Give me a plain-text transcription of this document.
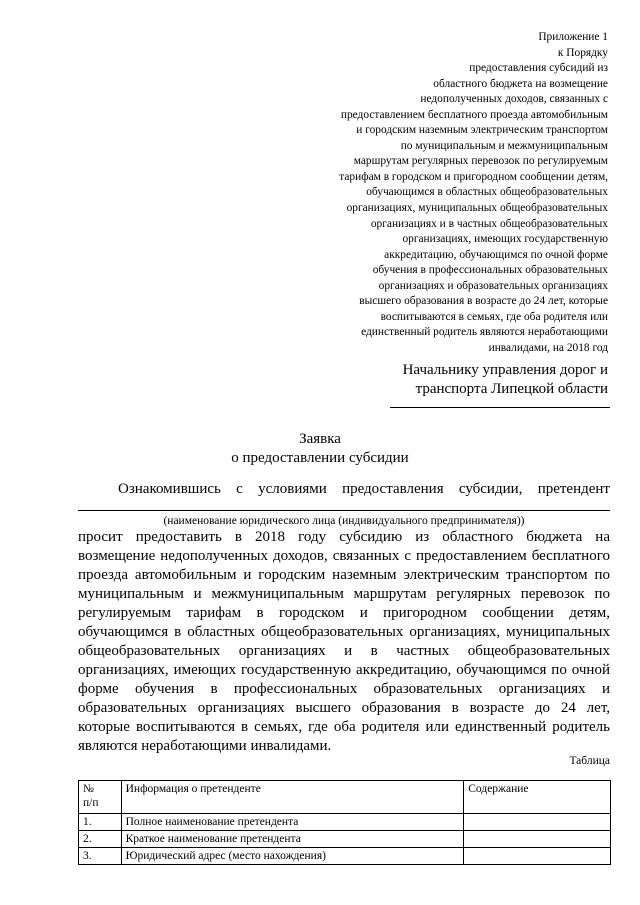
Приложение 1
к Порядку
предоставления субсидий из
областного бюджета на возмещение
недополученных доходов, связанных с
предоставлением бесплатного проезда автомобильным
и городским наземным электрическим транспортом
по муниципальным и межмуниципальным
маршрутам регулярных перевозок по регулируемым
тарифам в городском и пригородном сообщении детям,
обучающимся в областных общеобразовательных
организациях, муниципальных общеобразовательных
организациях и в частных общеобразовательных
организациях, имеющих государственную
аккредитацию, обучающимся по очной форме
обучения в профессиональных образовательных
организациях и образовательных организациях
высшего образования в возрасте до 24 лет, которые
воспитываются в семьях, где оба родителя или
единственный родитель являются неработающими
инвалидами, на 2018 год
Начальнику управления дорог и
транспорта Липецкой области
Заявка
о предоставлении субсидии
Ознакомившись с условиями предоставления субсидии, претендент
(наименование юридического лица (индивидуального предпринимателя))
просит предоставить в 2018 году субсидию из областного бюджета на
возмещение недополученных доходов, связанных с предоставлением бесплатного
проезда автомобильным и городским наземным электрическим транспортом по
муниципальным и межмуниципальным маршрутам регулярных перевозок по
регулируемым тарифам в городском и пригородном сообщении детям,
обучающимся в областных общеобразовательных организациях, муниципальных
общеобразовательных организациях и в частных общеобразовательных
организациях, имеющих государственную аккредитацию, обучающимся по очной
форме обучения в профессиональных образовательных организациях и
образовательных организациях высшего образования в возрасте до 24 лет,
которые воспитываются в семьях, где оба родителя или единственный родитель
являются неработающими инвалидами.
Таблица
№
п/п	Информация о претенденте	Содержание
1.	Полное наименование претендента	
2.	Краткое наименование претендента	
3.	Юридический адрес (место нахождения)	
